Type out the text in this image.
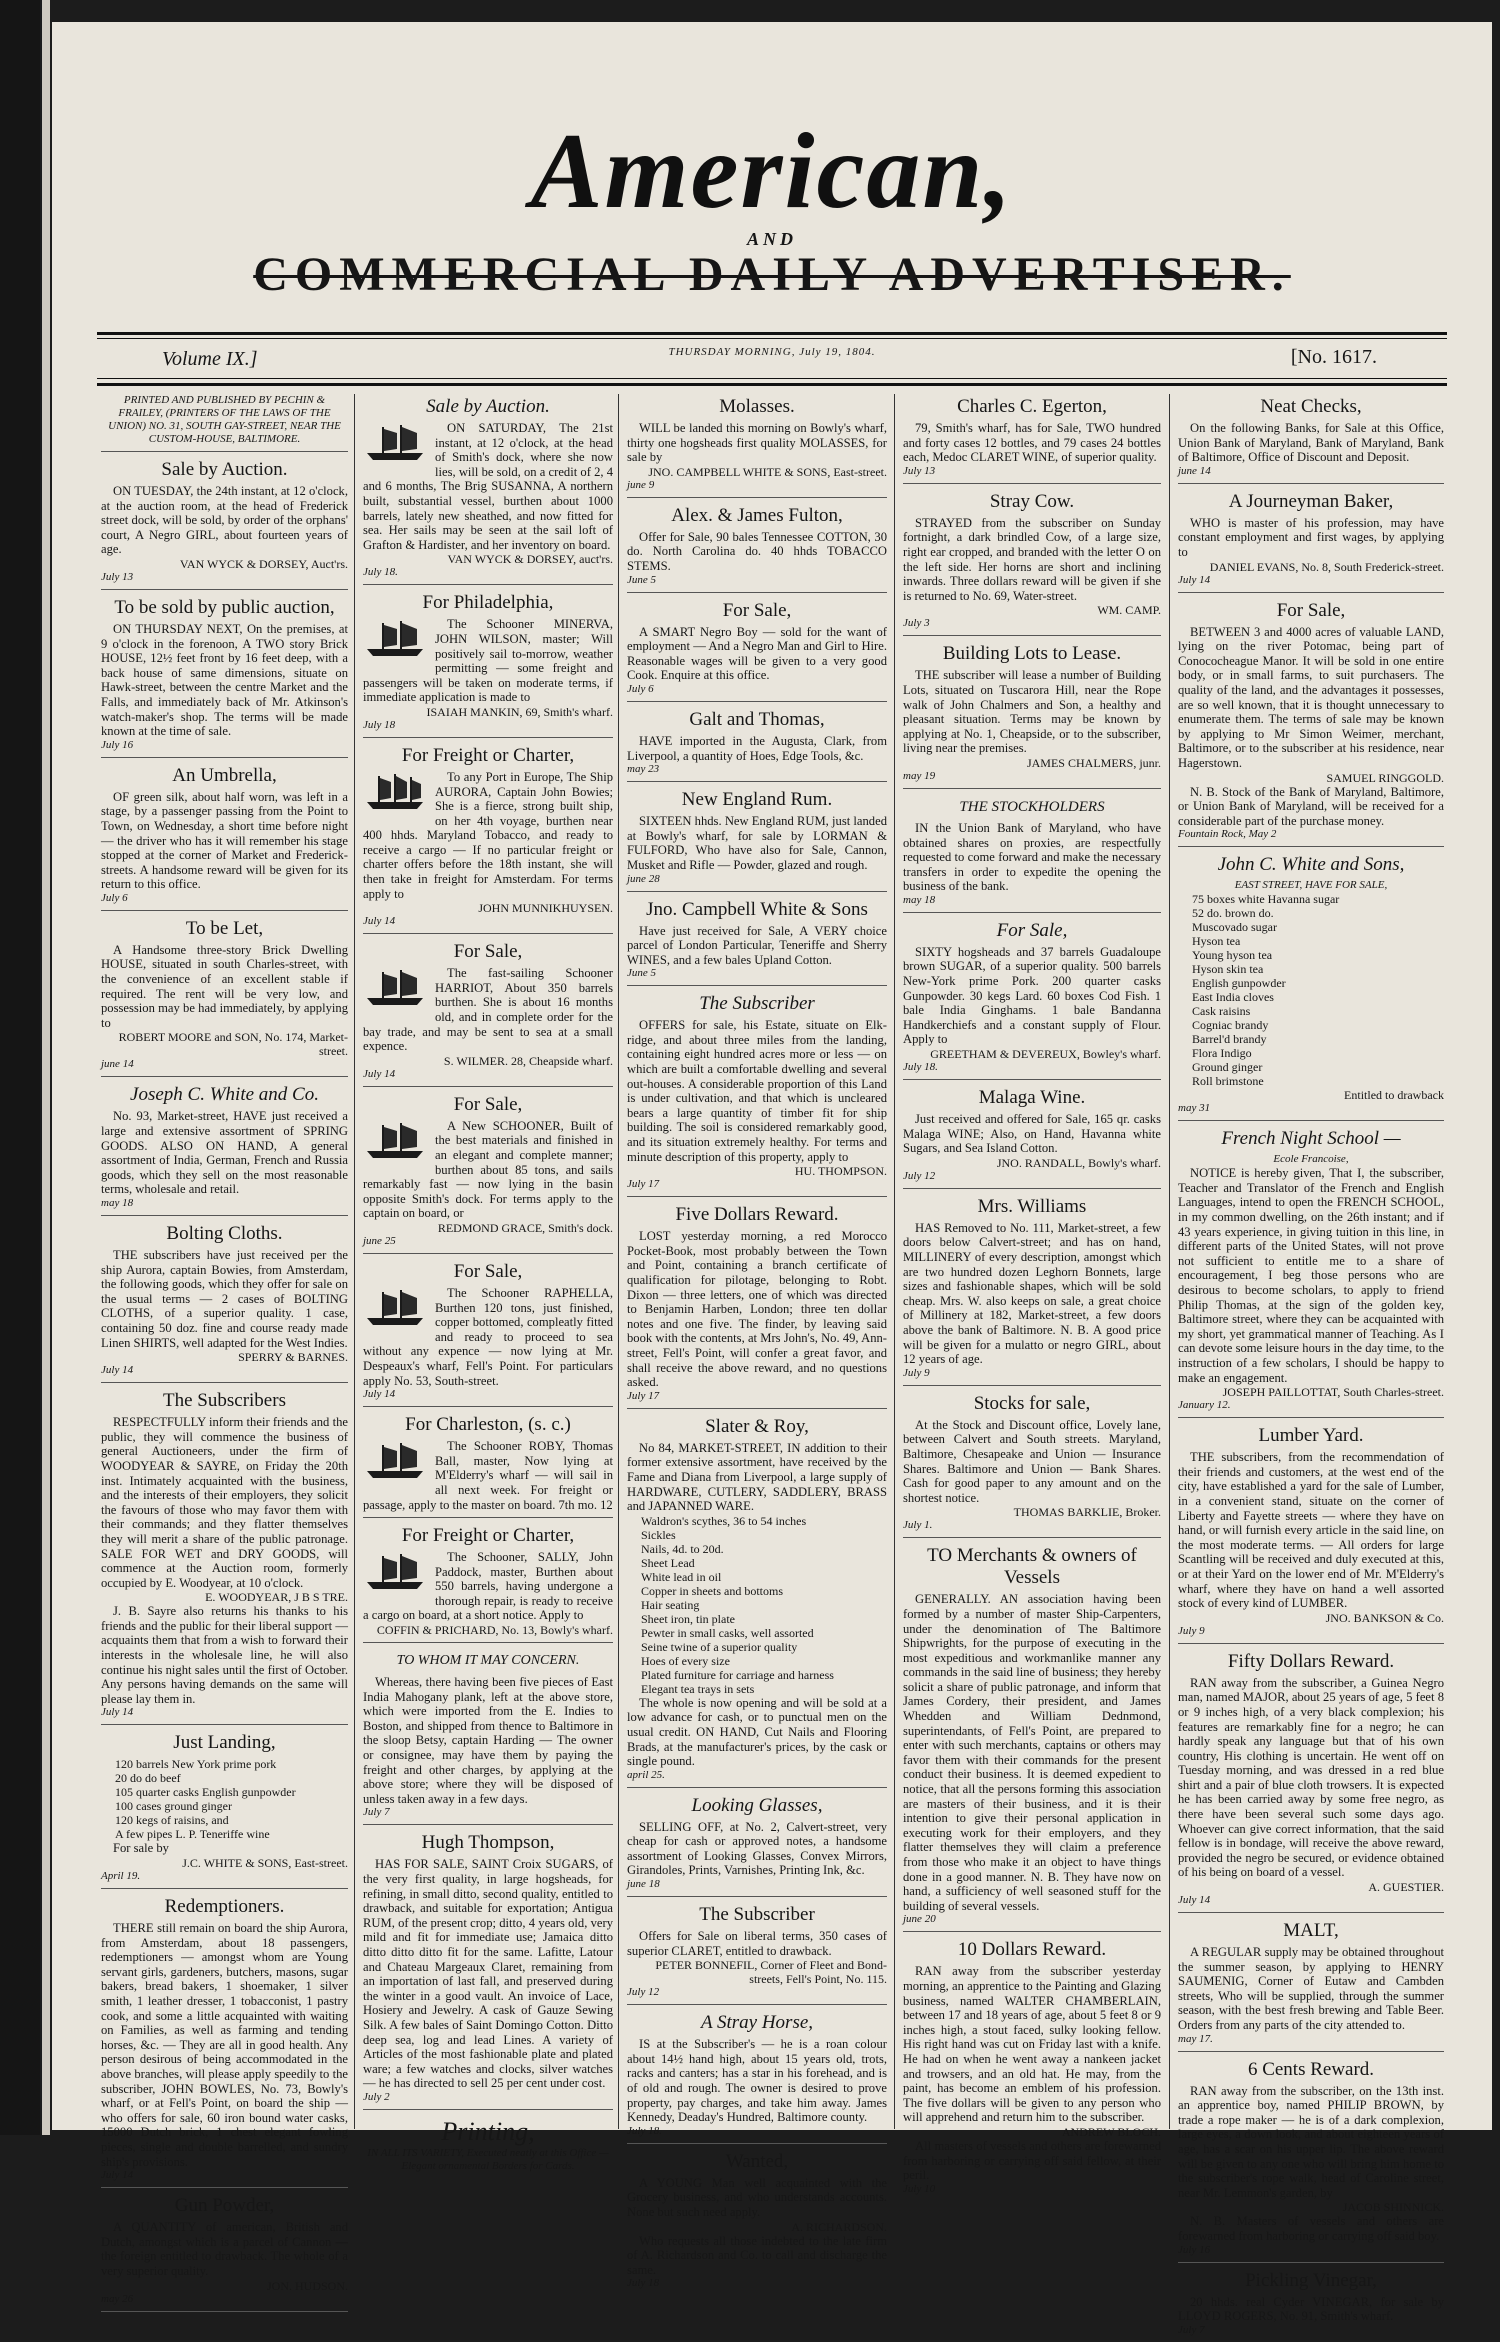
American,
AND
COMMERCIAL DAILY ADVERTISER.
Volume IX.]	THURSDAY MORNING, July 19, 1804.	[No. 1617.
PRINTED AND PUBLISHED BY PECHIN & FRAILEY, (PRINTERS OF THE LAWS OF THE UNION) NO. 31, SOUTH GAY-STREET, NEAR THE CUSTOM-HOUSE, BALTIMORE.
Sale by Auction.
ON TUESDAY, the 24th instant, at 12 o'clock, at the auction room, at the head of Frederick street dock, will be sold, by order of the orphans' court, A Negro GIRL, about fourteen years of age.
VAN WYCK & DORSEY, Auct'rs.
July 13
To be sold by public auction,
ON THURSDAY NEXT, On the premises, at 9 o'clock in the forenoon, A TWO story Brick HOUSE, 12½ feet front by 16 feet deep, with a back house of same dimensions, situate on Hawk-street, between the centre Market and the Falls, and immediately back of Mr. Atkinson's watch-maker's shop. The terms will be made known at the time of sale.
July 16
An Umbrella,
OF green silk, about half worn, was left in a stage, by a passenger passing from the Point to Town, on Wednesday, a short time before night — the driver who has it will remember his stage stopped at the corner of Market and Frederick-streets. A handsome reward will be given for its return to this office.
July 6
To be Let,
A Handsome three-story Brick Dwelling HOUSE, situated in south Charles-street, with the convenience of an excellent stable if required. The rent will be very low, and possession may be had immediately, by applying to
ROBERT MOORE and SON, No. 174, Market-street.
june 14
Joseph C. White and Co.
No. 93, Market-street, HAVE just received a large and extensive assortment of SPRING GOODS. ALSO ON HAND, A general assortment of India, German, French and Russia goods, which they sell on the most reasonable terms, wholesale and retail.
may 18
Bolting Cloths.
THE subscribers have just received per the ship Aurora, captain Bowies, from Amsterdam, the following goods, which they offer for sale on the usual terms — 2 cases of BOLTING CLOTHS, of a superior quality. 1 case, containing 50 doz. fine and course ready made Linen SHIRTS, well adapted for the West Indies.
SPERRY & BARNES.
July 14
The Subscribers
RESPECTFULLY inform their friends and the public, they will commence the business of general Auctioneers, under the firm of WOODYEAR & SAYRE, on Friday the 20th inst. Intimately acquainted with the business, and the interests of their employers, they solicit the favours of those who may favor them with their commands; and they flatter themselves they will merit a share of the public patronage. SALE FOR WET and DRY GOODS, will commence at the Auction room, formerly occupied by E. Woodyear, at 10 o'clock.
E. WOODYEAR, J B S TRE.
J. B. Sayre also returns his thanks to his friends and the public for their liberal support — acquaints them that from a wish to forward their interests in the wholesale line, he will also continue his night sales until the first of October. Any persons having demands on the same will please lay them in.
July 14
Just Landing,
120 barrels New York prime pork
20 do do beef
105 quarter casks English gunpowder
100 cases ground ginger
120 kegs of raisins, and
A few pipes L. P. Teneriffe wine
For sale by
J.C. WHITE & SONS, East-street.
April 19.
Redemptioners.
THERE still remain on board the ship Aurora, from Amsterdam, about 18 passengers, redemptioners — amongst whom are Young servant girls, gardeners, butchers, masons, sugar bakers, bread bakers, 1 shoemaker, 1 silver smith, 1 leather dresser, 1 tobacconist, 1 pastry cook, and some a little acquainted with waiting on Families, as well as farming and tending horses, &c. — They are all in good health. Any person desirous of being accommodated in the above branches, will please apply speedily to the subscriber, JOHN BOWLES, No. 73, Bowly's wharf, or at Fell's Point, on board the ship — who offers for sale, 60 iron bound water casks, 15000 Dutch brick, 1 chest elegant fowling pieces, single and double barrelled, and sundry ship's provisions.
July 14
Gun Powder,
A QUANTITY of american, British and Dutch, amongst which is a parcel of Cannon — the foreign entitled to drawback. The whole of a very superior quality.
JON. HUDSON.
may 26
Sale by Auction.
ON SATURDAY, The 21st instant, at 12 o'clock, at the head of Smith's dock, where she now lies, will be sold, on a credit of 2, 4 and 6 months, The Brig SUSANNA, A northern built, substantial vessel, burthen about 1000 barrels, lately new sheathed, and now fitted for sea. Her sails may be seen at the sail loft of Grafton & Hardister, and her inventory on board.
VAN WYCK & DORSEY, auct'rs.
July 18.
For Philadelphia,
The Schooner MINERVA, JOHN WILSON, master; Will positively sail to-morrow, weather permitting — some freight and passengers will be taken on moderate terms, if immediate application is made to
ISAIAH MANKIN, 69, Smith's wharf.
July 18
For Freight or Charter,
To any Port in Europe, The Ship AURORA, Captain John Bowies; She is a fierce, strong built ship, on her 4th voyage, burthen near 400 hhds. Maryland Tobacco, and ready to receive a cargo — If no particular freight or charter offers before the 18th instant, she will then take in freight for Amsterdam. For terms apply to
JOHN MUNNIKHUYSEN.
July 14
For Sale,
The fast-sailing Schooner HARRIOT, About 350 barrels burthen. She is about 16 months old, and in complete order for the bay trade, and may be sent to sea at a small expence.
S. WILMER. 28, Cheapside wharf.
July 14
For Sale,
A New SCHOONER, Built of the best materials and finished in an elegant and complete manner; burthen about 85 tons, and sails remarkably fast — now lying in the basin opposite Smith's dock. For terms apply to the captain on board, or
REDMOND GRACE, Smith's dock.
june 25
For Sale,
The Schooner RAPHELLA, Burthen 120 tons, just finished, copper bottomed, compleatly fitted and ready to proceed to sea without any expence — now lying at Mr. Despeaux's wharf, Fell's Point. For particulars apply No. 53, South-street.
July 14
For Charleston, (s. c.)
The Schooner ROBY, Thomas Ball, master, Now lying at M'Elderry's wharf — will sail in all next week. For freight or passage, apply to the master on board. 7th mo. 12
For Freight or Charter,
The Schooner, SALLY, John Paddock, master, Burthen about 550 barrels, having undergone a thorough repair, is ready to receive a cargo on board, at a short notice. Apply to
COFFIN & PRICHARD, No. 13, Bowly's wharf.
TO WHOM IT MAY CONCERN.
Whereas, there having been five pieces of East India Mahogany plank, left at the above store, which were imported from the E. Indies to Boston, and shipped from thence to Baltimore in the sloop Betsy, captain Harding — The owner or consignee, may have them by paying the freight and other charges, by applying at the above store; where they will be disposed of unless taken away in a few days.
July 7
Hugh Thompson,
HAS FOR SALE, SAINT Croix SUGARS, of the very first quality, in large hogsheads, for refining, in small ditto, second quality, entitled to drawback, and suitable for exportation; Antigua RUM, of the present crop; ditto, 4 years old, very mild and fit for immediate use; Jamaica ditto ditto ditto ditto fit for the same. Lafitte, Latour and Chateau Margeaux Claret, remaining from an importation of last fall, and preserved during the winter in a good vault. An invoice of Lace, Hosiery and Jewelry. A cask of Gauze Sewing Silk. A few bales of Saint Domingo Cotton. Ditto deep sea, log and lead Lines. A variety of Articles of the most fashionable plate and plated ware; a few watches and clocks, silver watches — he has directed to sell 25 per cent under cost.
July 2
Printing,
IN ALL ITS VARIETY, Executed neatly at this Office — Elegant ornamental Borders for Cards.
Molasses.
WILL be landed this morning on Bowly's wharf, thirty one hogsheads first quality MOLASSES, for sale by
JNO. CAMPBELL WHITE & SONS, East-street.
june 9
Alex. & James Fulton,
Offer for Sale, 90 bales Tennessee COTTON, 30 do. North Carolina do. 40 hhds TOBACCO STEMS.
June 5
For Sale,
A SMART Negro Boy — sold for the want of employment — And a Negro Man and Girl to Hire. Reasonable wages will be given to a very good Cook. Enquire at this office.
July 6
Galt and Thomas,
HAVE imported in the Augusta, Clark, from Liverpool, a quantity of Hoes, Edge Tools, &c.
may 23
New England Rum.
SIXTEEN hhds. New England RUM, just landed at Bowly's wharf, for sale by LORMAN & FULFORD, Who have also for Sale, Cannon, Musket and Rifle — Powder, glazed and rough.
june 28
Jno. Campbell White & Sons
Have just received for Sale, A VERY choice parcel of London Particular, Teneriffe and Sherry WINES, and a few bales Upland Cotton.
June 5
The Subscriber
OFFERS for sale, his Estate, situate on Elk-ridge, and about three miles from the landing, containing eight hundred acres more or less — on which are built a comfortable dwelling and several out-houses. A considerable proportion of this Land is under cultivation, and that which is uncleared bears a large quantity of timber fit for ship building. The soil is considered remarkably good, and its situation extremely healthy. For terms and minute description of this property, apply to
HU. THOMPSON.
July 17
Five Dollars Reward.
LOST yesterday morning, a red Morocco Pocket-Book, most probably between the Town and Point, containing a branch certificate of qualification for pilotage, belonging to Robt. Dixon — three letters, one of which was directed to Benjamin Harben, London; three ten dollar notes and one five. The finder, by leaving said book with the contents, at Mrs John's, No. 49, Ann-street, Fell's Point, will confer a great favor, and shall receive the above reward, and no questions asked.
July 17
Slater & Roy,
No 84, MARKET-STREET, IN addition to their former extensive assortment, have received by the Fame and Diana from Liverpool, a large supply of HARDWARE, CUTLERY, SADDLERY, BRASS and JAPANNED WARE.
Waldron's scythes, 36 to 54 inches
Sickles
Nails, 4d. to 20d.
Sheet Lead
White lead in oil
Copper in sheets and bottoms
Hair seating
Sheet iron, tin plate
Pewter in small casks, well assorted
Seine twine of a superior quality
Hoes of every size
Plated furniture for carriage and harness
Elegant tea trays in sets
The whole is now opening and will be sold at a low advance for cash, or to punctual men on the usual credit. ON HAND, Cut Nails and Flooring Brads, at the manufacturer's prices, by the cask or single pound.
april 25.
Looking Glasses,
SELLING OFF, at No. 2, Calvert-street, very cheap for cash or approved notes, a handsome assortment of Looking Glasses, Convex Mirrors, Girandoles, Prints, Varnishes, Printing Ink, &c.
june 18
The Subscriber
Offers for Sale on liberal terms, 350 cases of superior CLARET, entitled to drawback.
PETER BONNEFIL, Corner of Fleet and Bond-streets, Fell's Point, No. 115.
July 12
A Stray Horse,
IS at the Subscriber's — he is a roan colour about 14½ hand high, about 15 years old, trots, racks and canters; has a star in his forehead, and is of old and rough. The owner is desired to prove property, pay charges, and take him away. James Kennedy, Deaday's Hundred, Baltimore county.
July 18.
Wanted,
A YOUNG Man well acquainted with the Grocery business, and who understands accounts. None but such need apply.
A. RICHARDSON.
Who requests all those indebted to the late firm of A. Richardson and Co. to call and discharge the same.
July 18
Charles C. Egerton,
79, Smith's wharf, has for Sale, TWO hundred and forty cases 12 bottles, and 79 cases 24 bottles each, Medoc CLARET WINE, of superior quality.
July 13
Stray Cow.
STRAYED from the subscriber on Sunday fortnight, a dark brindled Cow, of a large size, right ear cropped, and branded with the letter O on the left side. Her horns are short and inclining inwards. Three dollars reward will be given if she is returned to No. 69, Water-street.
WM. CAMP.
July 3
Building Lots to Lease.
THE subscriber will lease a number of Building Lots, situated on Tuscarora Hill, near the Rope walk of John Chalmers and Son, a healthy and pleasant situation. Terms may be known by applying at No. 1, Cheapside, or to the subscriber, living near the premises.
JAMES CHALMERS, junr.
may 19
THE STOCKHOLDERS
IN the Union Bank of Maryland, who have obtained shares on proxies, are respectfully requested to come forward and make the necessary transfers in order to expedite the opening the business of the bank.
may 18
For Sale,
SIXTY hogsheads and 37 barrels Guadaloupe brown SUGAR, of a superior quality. 500 barrels New-York prime Pork. 200 quarter casks Gunpowder. 30 kegs Lard. 60 boxes Cod Fish. 1 bale India Ginghams. 1 bale Bandanna Handkerchiefs and a constant supply of Flour. Apply to
GREETHAM & DEVEREUX, Bowley's wharf.
July 18.
Malaga Wine.
Just received and offered for Sale, 165 qr. casks Malaga WINE; Also, on Hand, Havanna white Sugars, and Sea Island Cotton.
JNO. RANDALL, Bowly's wharf.
July 12
Mrs. Williams
HAS Removed to No. 111, Market-street, a few doors below Calvert-street; and has on hand, MILLINERY of every description, amongst which are two hundred dozen Leghorn Bonnets, large sizes and fashionable shapes, which will be sold cheap. Mrs. W. also keeps on sale, a great choice of Millinery at 182, Market-street, a few doors above the bank of Baltimore. N. B. A good price will be given for a mulatto or negro GIRL, about 12 years of age.
July 9
Stocks for sale,
At the Stock and Discount office, Lovely lane, between Calvert and South streets. Maryland, Baltimore, Chesapeake and Union — Insurance Shares. Baltimore and Union — Bank Shares. Cash for good paper to any amount and on the shortest notice.
THOMAS BARKLIE, Broker.
July 1.
TO Merchants & owners of Vessels
GENERALLY. AN association having been formed by a number of master Ship-Carpenters, under the denomination of The Baltimore Shipwrights, for the purpose of executing in the most expeditious and workmanlike manner any commands in the said line of business; they hereby solicit a share of public patronage, and inform that James Cordery, their president, and James Whedden and William Dednmond, superintendants, of Fell's Point, are prepared to enter with such merchants, captains or others may favor them with their commands for the present conduct their business. It is deemed expedient to notice, that all the persons forming this association are masters of their business, and it is their intention to give their personal application in executing work for their employers, and they flatter themselves they will claim a preference from those who make it an object to have things done in a good manner. N. B. They have now on hand, a sufficiency of well seasoned stuff for the building of several vessels.
june 20
10 Dollars Reward.
RAN away from the subscriber yesterday morning, an apprentice to the Painting and Glazing business, named WALTER CHAMBERLAIN, between 17 and 18 years of age, about 5 feet 8 or 9 inches high, a stout faced, sulky looking fellow. His right hand was cut on Friday last with a knife. He had on when he went away a nankeen jacket and trowsers, and an old hat. He may, from the paint, has become an emblem of his profession. The five dollars will be given to any person who will apprehend and return him to the subscriber.
ANDREW BLOCH.
All masters of vessels and others are forewarned from harboring or carrying off said fellow, at their peril.
July 10
Neat Checks,
On the following Banks, for Sale at this Office, Union Bank of Maryland, Bank of Maryland, Bank of Baltimore, Office of Discount and Deposit.
june 14
A Journeyman Baker,
WHO is master of his profession, may have constant employment and first wages, by applying to
DANIEL EVANS, No. 8, South Frederick-street.
July 14
For Sale,
BETWEEN 3 and 4000 acres of valuable LAND, lying on the river Potomac, being part of Conococheague Manor. It will be sold in one entire body, or in small farms, to suit purchasers. The quality of the land, and the advantages it possesses, are so well known, that it is thought unnecessary to enumerate them. The terms of sale may be known by applying to Mr Simon Weimer, merchant, Baltimore, or to the subscriber at his residence, near Hagerstown.
SAMUEL RINGGOLD.
N. B. Stock of the Bank of Maryland, Baltimore, or Union Bank of Maryland, will be received for a considerable part of the purchase money.
Fountain Rock, May 2
John C. White and Sons,
EAST STREET, HAVE FOR SALE,
75 boxes white Havanna sugar
52 do. brown do.
Muscovado sugar
Hyson tea
Young hyson tea
Hyson skin tea
English gunpowder
East India cloves
Cask raisins
Cogniac brandy
Barrel'd brandy
Flora Indigo
Ground ginger
Roll brimstone
Entitled to drawback
may 31
French Night School —
Ecole Francoise,
NOTICE is hereby given, That I, the subscriber, Teacher and Translator of the French and English Languages, intend to open the FRENCH SCHOOL, in my common dwelling, on the 26th instant; and if 43 years experience, in giving tuition in this line, in different parts of the United States, will not prove not sufficient to entitle me to a share of encouragement, I beg those persons who are desirous to become scholars, to apply to friend Philip Thomas, at the sign of the golden key, Baltimore street, where they can be acquainted with my short, yet grammatical manner of Teaching. As I can devote some leisure hours in the day time, to the instruction of a few scholars, I should be happy to make an engagement.
JOSEPH PAILLOTTAT, South Charles-street.
January 12.
Lumber Yard.
THE subscribers, from the recommendation of their friends and customers, at the west end of the city, have established a yard for the sale of Lumber, in a convenient stand, situate on the corner of Liberty and Fayette streets — where they have on hand, or will furnish every article in the said line, on the most moderate terms. — All orders for large Scantling will be received and duly executed at this, or at their Yard on the lower end of Mr. M'Elderry's wharf, where they have on hand a well assorted stock of every kind of LUMBER.
JNO. BANKSON & Co.
July 9
Fifty Dollars Reward.
RAN away from the subscriber, a Guinea Negro man, named MAJOR, about 25 years of age, 5 feet 8 or 9 inches high, of a very black complexion; his features are remarkably fine for a negro; he can hardly speak any language but that of his own country, His clothing is uncertain. He went off on Tuesday morning, and was dressed in a red blue shirt and a pair of blue cloth trowsers. It is expected he has been carried away by some free negro, as there have been several such some days ago. Whoever can give correct information, that the said fellow is in bondage, will receive the above reward, provided the negro be secured, or evidence obtained of his being on board of a vessel.
A. GUESTIER.
July 14
MALT,
A REGULAR supply may be obtained throughout the summer season, by applying to HENRY SAUMENIG, Corner of Eutaw and Cambden streets, Who will be supplied, through the summer season, with the best fresh brewing and Table Beer. Orders from any parts of the city attended to.
may 17.
6 Cents Reward.
RAN away from the subscriber, on the 13th inst. an apprentice boy, named PHILIP BROWN, by trade a rope maker — he is of a dark complexion, large eyes, a down look, and about eighteen years of age, has a scar on his upper lip. The above reward will be given to any one who will bring him home to the subscriber's rope walk, head of Caroline street, near Mr. Lemmon's garden, by
JACOB SHINNICK.
N. B. Masters of vessels and others are forewarned from harboring or carrying off said boy.
July 16
Pickling Vinegar,
20 hhds. real Cyder VINEGAR, for sale by LLOYD ROGERS, No. 91, Smith's wharf.
July 7
